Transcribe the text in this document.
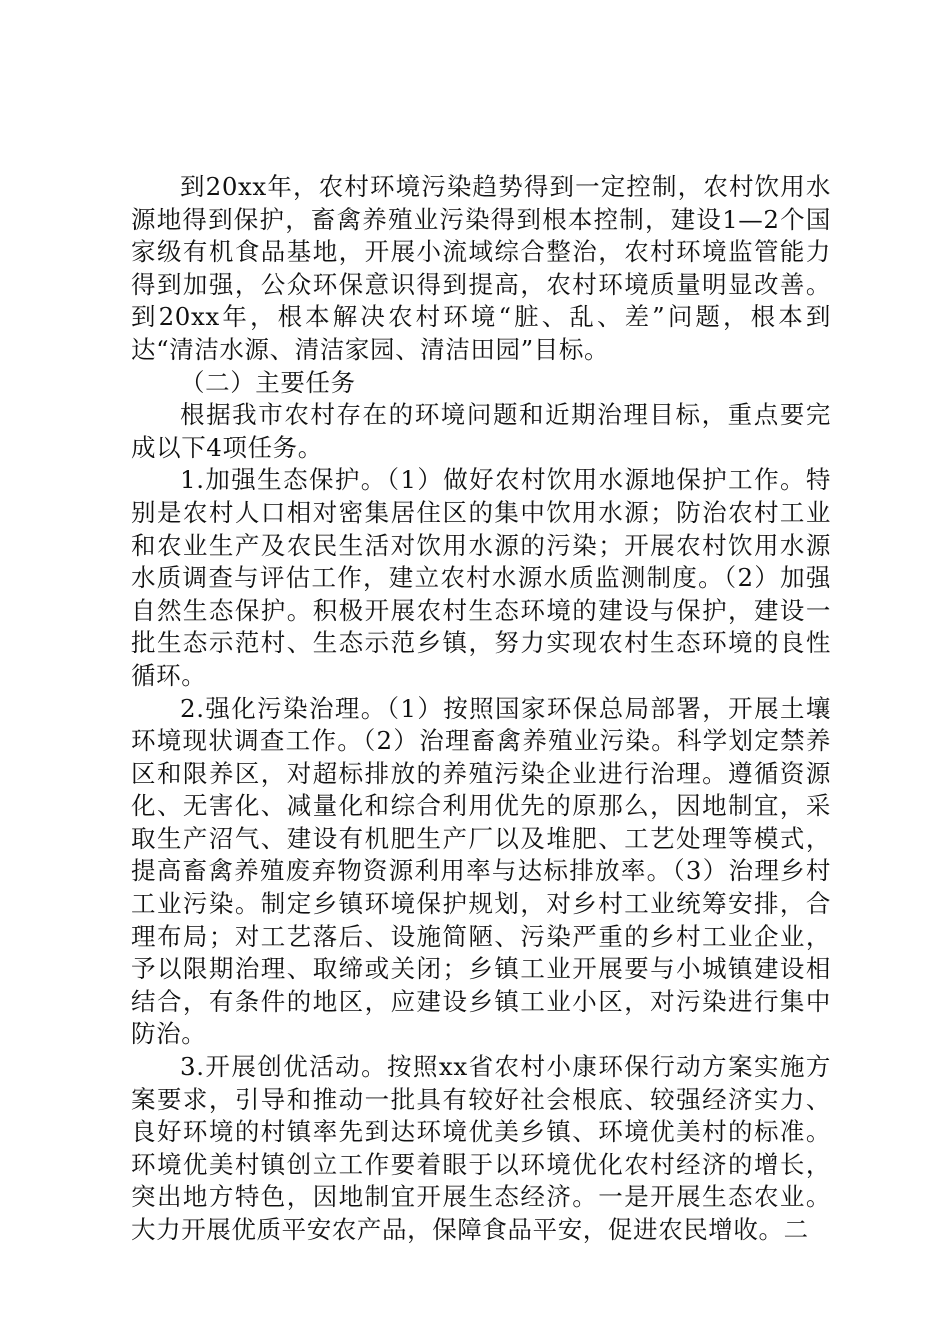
到20xx年，农村环境污染趋势得到一定控制，农村饮用水源地得到保护，畜禽养殖业污染得到根本控制，建设1—2个国家级有机食品基地，开展小流域综合整治，农村环境监管能力得到加强，公众环保意识得到提高，农村环境质量明显改善。到20xx年，根本解决农村环境“脏、乱、差”问题，根本到达“清洁水源、清洁家园、清洁田园”目标。

（二）主要任务

根据我市农村存在的环境问题和近期治理目标，重点要完成以下4项任务。

1.加强生态保护。（1）做好农村饮用水源地保护工作。特别是农村人口相对密集居住区的集中饮用水源；防治农村工业和农业生产及农民生活对饮用水源的污染；开展农村饮用水源水质调查与评估工作，建立农村水源水质监测制度。（2）加强自然生态保护。积极开展农村生态环境的建设与保护，建设一批生态示范村、生态示范乡镇，努力实现农村生态环境的良性循环。

2.强化污染治理。（1）按照国家环保总局部署，开展土壤环境现状调查工作。（2）治理畜禽养殖业污染。科学划定禁养区和限养区，对超标排放的养殖污染企业进行治理。遵循资源化、无害化、减量化和综合利用优先的原那么，因地制宜，采取生产沼气、建设有机肥生产厂以及堆肥、工艺处理等模式，提高畜禽养殖废弃物资源利用率与达标排放率。（3）治理乡村工业污染。制定乡镇环境保护规划，对乡村工业统筹安排，合理布局；对工艺落后、设施简陋、污染严重的乡村工业企业，予以限期治理、取缔或关闭；乡镇工业开展要与小城镇建设相结合，有条件的地区，应建设乡镇工业小区，对污染进行集中防治。

3.开展创优活动。按照xx省农村小康环保行动方案实施方案要求，引导和推动一批具有较好社会根底、较强经济实力、良好环境的村镇率先到达环境优美乡镇、环境优美村的标准。环境优美村镇创立工作要着眼于以环境优化农村经济的增长，突出地方特色，因地制宜开展生态经济。一是开展生态农业。大力开展优质平安农产品，保障食品平安，促进农民增收。二
